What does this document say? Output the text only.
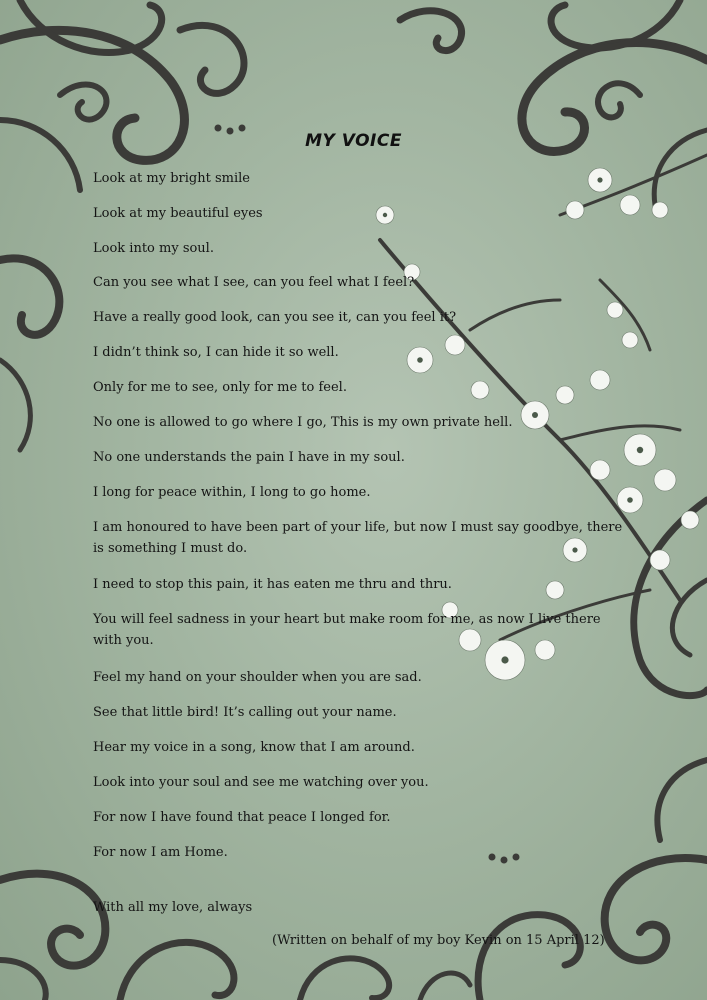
MY VOICE

Look at my bright smile

Look at my beautiful eyes

Look into my soul.

Can you see what I see, can you feel what I feel?

Have a really good look, can you see it, can you feel it?

I didn’t think so, I can hide it so well.

Only for me to see, only for me to feel.

No one is allowed to go where I go, This is my own private hell.

No one understands the pain I have in my soul.

I long for peace within, I long to go home.

I am honoured to have been part of your life, but now I must say goodbye, there is something I must do.

I need to stop this pain, it has eaten me thru and thru.

You will feel sadness in your heart but make room for me, as now I live there with you.

Feel my hand on your shoulder when you are sad.

See that little bird! It’s calling out your name.

Hear my voice in a song, know that I am around.

Look into your soul and see me watching over you.

For now I have found that peace I longed for.

For now I am Home.

With all my love, always

(Written on behalf of my boy Kevin on 15 April 12)
